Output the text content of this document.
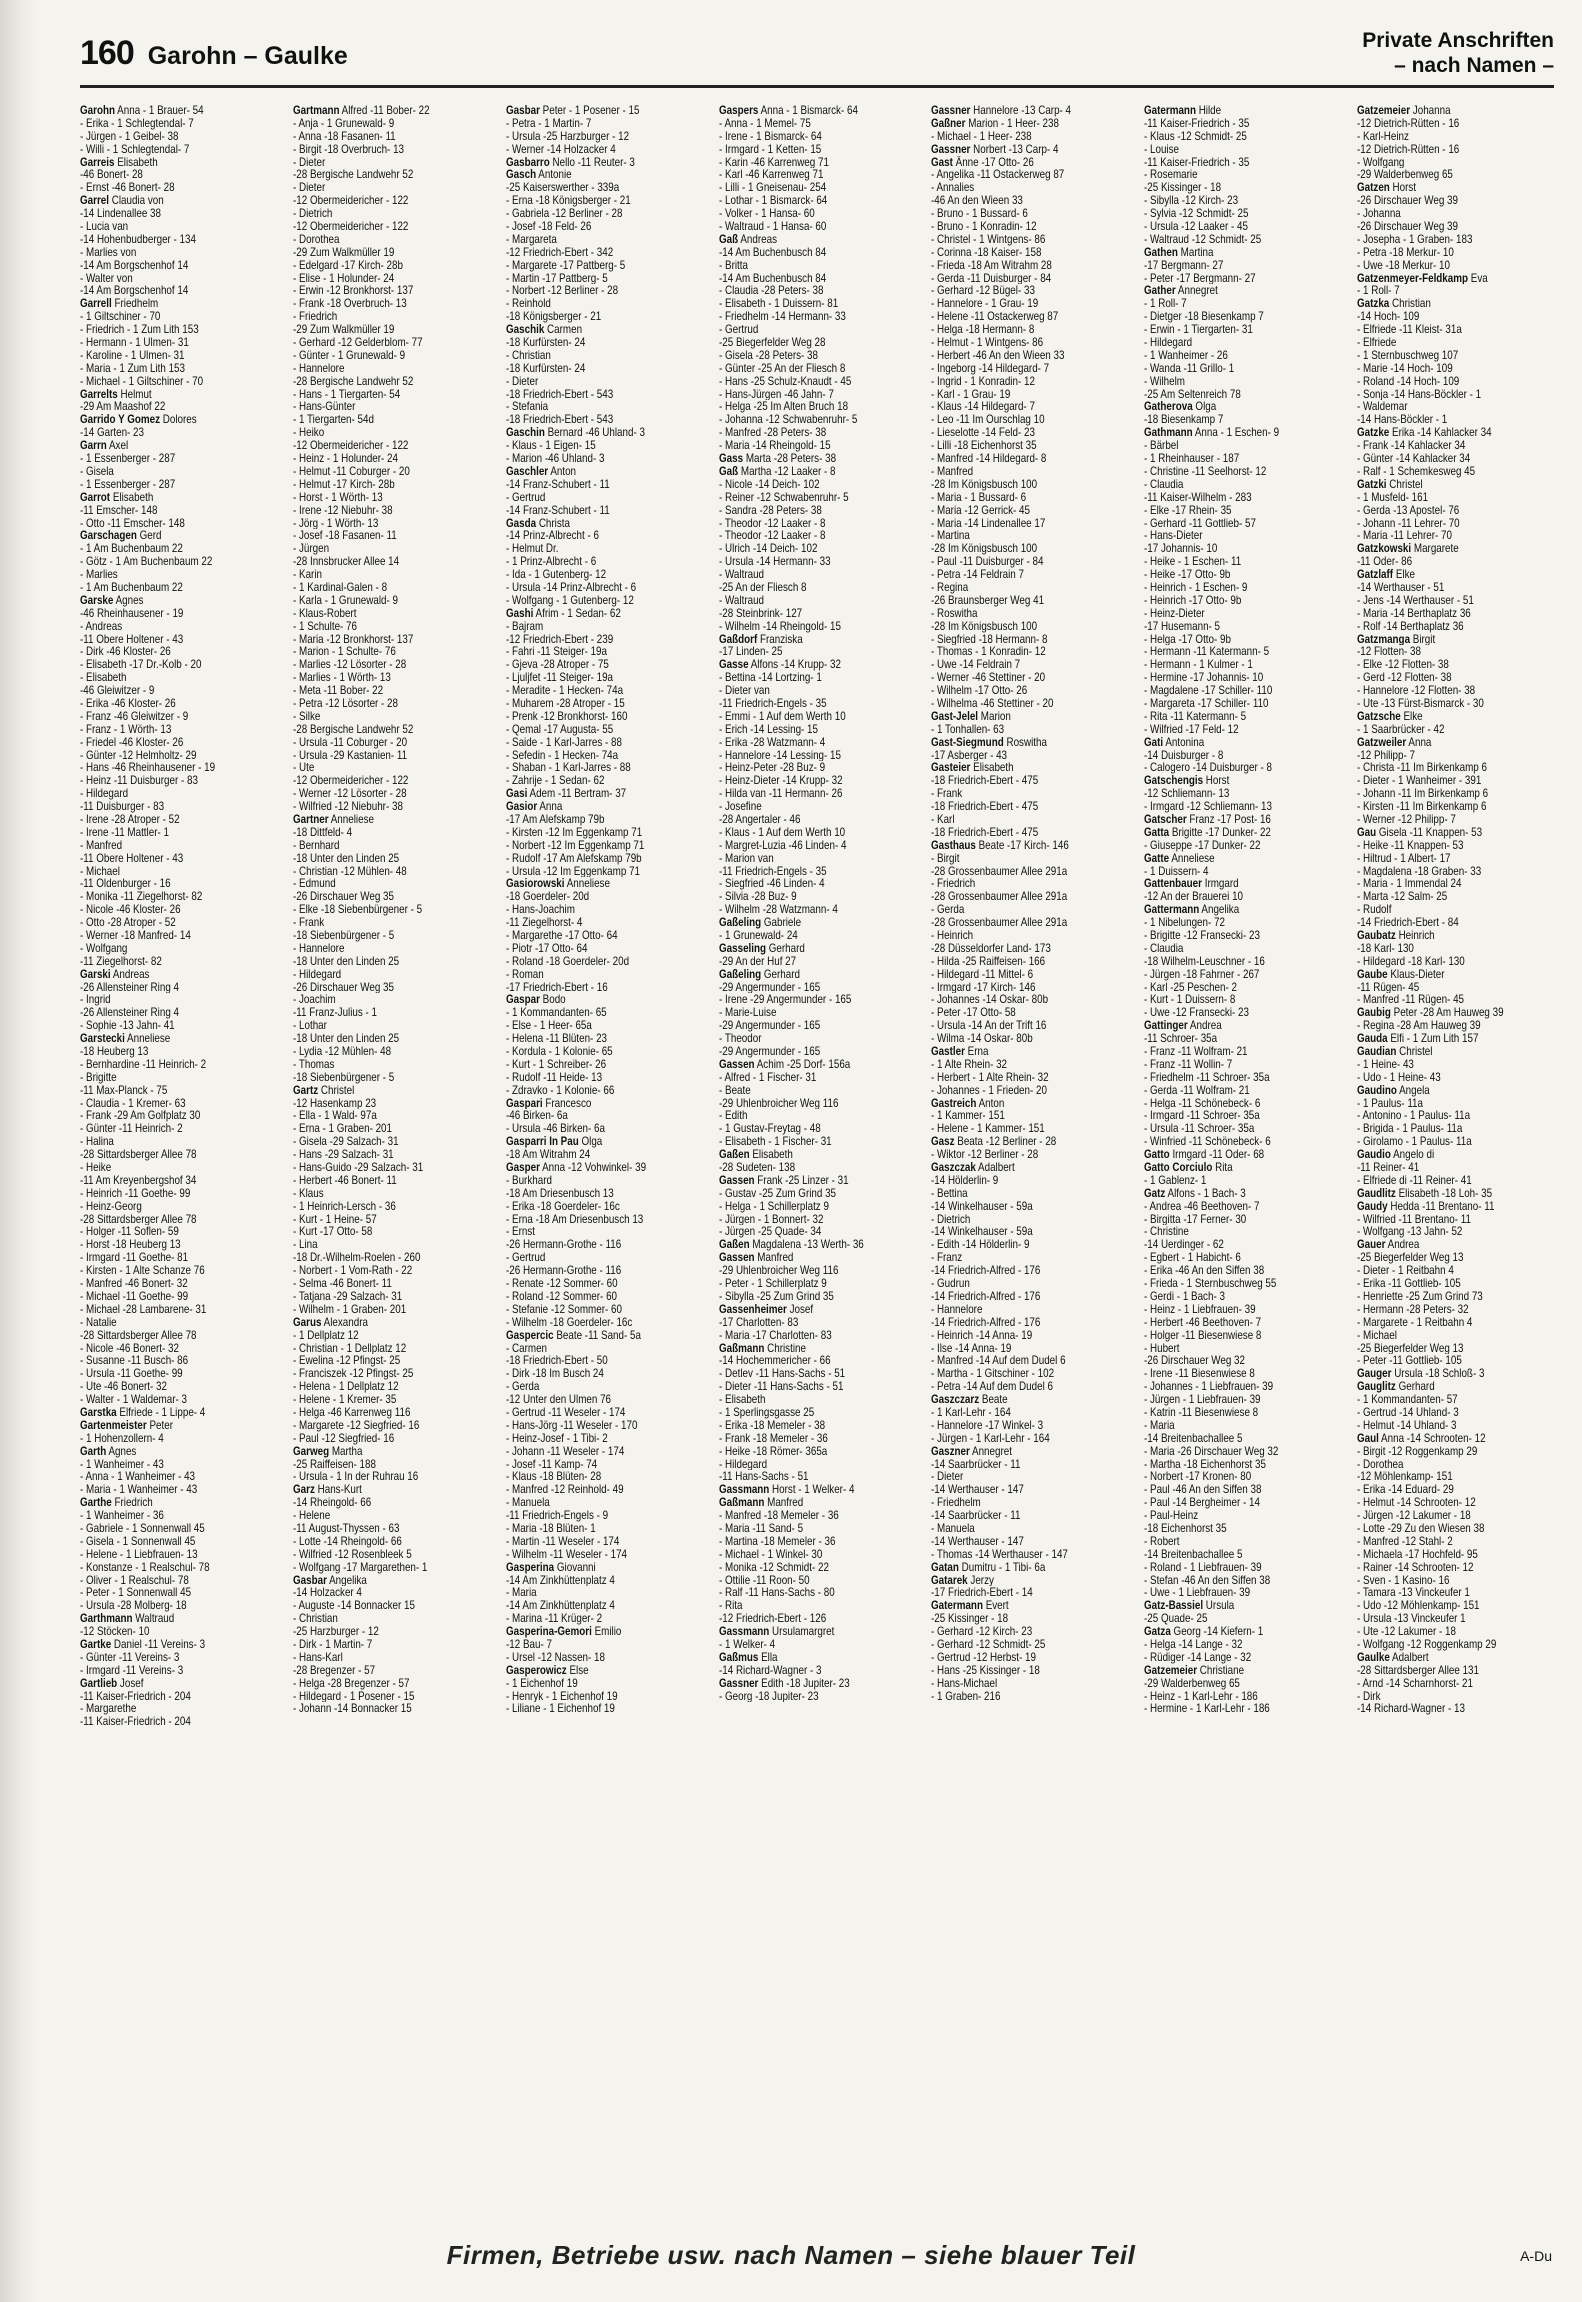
160 Garohn – Gaulke
Private Anschriften
– nach Namen –
Garohn Anna - 1 Brauer- 54
- Erika - 1 Schlegtendal- 7
- Jürgen - 1 Geibel- 38
- Willi - 1 Schlegtendal- 7
Garreis Elisabeth
-46 Bonert- 28
- Ernst -46 Bonert- 28
Garrel Claudia von
-14 Lindenallee 38
- Lucia van
-14 Hohenbudberger - 134
- Marlies von
-14 Am Borgschenhof 14
- Walter von
-14 Am Borgschenhof 14
Garrell Friedhelm
- 1 Giltschiner - 70
- Friedrich - 1 Zum Lith 153
- Hermann - 1 Ulmen- 31
- Karoline - 1 Ulmen- 31
- Maria - 1 Zum Lith 153
- Michael - 1 Giltschiner - 70
Garrelts Helmut
-29 Am Maashof 22
Garrido Y Gomez Dolores
-14 Garten- 23
Garrn Axel
- 1 Essenberger - 287
- Gisela
- 1 Essenberger - 287
Garrot Elisabeth
-11 Emscher- 148
- Otto -11 Emscher- 148
Garschagen Gerd
- 1 Am Buchenbaum 22
- Götz - 1 Am Buchenbaum 22
- Marlies
- 1 Am Buchenbaum 22
Garske Agnes
-46 Rheinhausener - 19
- Andreas
-11 Obere Holtener - 43
- Dirk -46 Kloster- 26
- Elisabeth -17 Dr.-Kolb - 20
- Elisabeth
-46 Gleiwitzer - 9
- Erika -46 Kloster- 26
- Franz -46 Gleiwitzer - 9
- Franz - 1 Wörth- 13
- Friedel -46 Kloster- 26
- Günter -12 Helmholtz- 29
- Hans -46 Rheinhausener - 19
- Heinz -11 Duisburger - 83
- Hildegard
-11 Duisburger - 83
- Irene -28 Atroper - 52
- Irene -11 Mattler- 1
- Manfred
-11 Obere Holtener - 43
- Michael
-11 Oldenburger - 16
- Monika -11 Ziegelhorst- 82
- Nicole -46 Kloster- 26
- Otto -28 Atroper - 52
- Werner -18 Manfred- 14
- Wolfgang
-11 Ziegelhorst- 82
Garski Andreas
-26 Allensteiner Ring 4
- Ingrid
-26 Allensteiner Ring 4
- Sophie -13 Jahn- 41
Garstecki Anneliese
-18 Heuberg 13
- Bernhardine -11 Heinrich- 2
- Brigitte
-11 Max-Planck - 75
- Claudia - 1 Kremer- 63
- Frank -29 Am Golfplatz 30
- Günter -11 Heinrich- 2
- Halina
-28 Sittardsberger Allee 78
- Heike
-11 Am Kreyenbergshof 34
- Heinrich -11 Goethe- 99
- Heinz-Georg
-28 Sittardsberger Allee 78
- Holger -11 Soflen- 59
- Horst -18 Heuberg 13
- Irmgard -11 Goethe- 81
- Kirsten - 1 Alte Schanze 76
- Manfred -46 Bonert- 32
- Michael -11 Goethe- 99
- Michael -28 Lambarene- 31
- Natalie
-28 Sittardsberger Allee 78
- Nicole -46 Bonert- 32
- Susanne -11 Busch- 86
- Ursula -11 Goethe- 99
- Ute -46 Bonert- 32
- Walter - 1 Waldemar- 3
Garstka Elfriede - 1 Lippe- 4
Gartenmeister Peter
- 1 Hohenzollern- 4
Garth Agnes
- 1 Wanheimer - 43
- Anna - 1 Wanheimer - 43
- Maria - 1 Wanheimer - 43
Garthe Friedrich
- 1 Wanheimer - 36
- Gabriele - 1 Sonnenwall 45
- Gisela - 1 Sonnenwall 45
- Helene - 1 Liebfrauen- 13
- Konstanze - 1 Realschul- 78
- Oliver - 1 Realschul- 78
- Peter - 1 Sonnenwall 45
- Ursula -28 Molberg- 18
Garthmann Waltraud
-12 Stöcken- 10
Gartke Daniel -11 Vereins- 3
- Günter -11 Vereins- 3
- Irmgard -11 Vereins- 3
Gartlieb Josef
-11 Kaiser-Friedrich - 204
- Margarethe
-11 Kaiser-Friedrich - 204
Gartmann Alfred -11 Bober- 22
- Anja - 1 Grunewald- 9
- Anna -18 Fasanen- 11
- Birgit -18 Overbruch- 13
- Dieter
-28 Bergische Landwehr 52
- Dieter
-12 Obermeidericher - 122
- Dietrich
-12 Obermeidericher - 122
- Dorothea
-29 Zum Walkmüller 19
- Edelgard -17 Kirch- 28b
- Elise - 1 Holunder- 24
- Erwin -12 Bronkhorst- 137
- Frank -18 Overbruch- 13
- Friedrich
-29 Zum Walkmüller 19
- Gerhard -12 Gelderblom- 77
- Günter - 1 Grunewald- 9
- Hannelore
-28 Bergische Landwehr 52
- Hans - 1 Tiergarten- 54
- Hans-Günter
- 1 Tiergarten- 54d
- Heiko
-12 Obermeidericher - 122
- Heinz - 1 Holunder- 24
- Helmut -11 Coburger - 20
- Helmut -17 Kirch- 28b
- Horst - 1 Wörth- 13
- Irene -12 Niebuhr- 38
- Jörg - 1 Wörth- 13
- Josef -18 Fasanen- 11
- Jürgen
-28 Innsbrucker Allee 14
- Karin
- 1 Kardinal-Galen - 8
- Karla - 1 Grunewald- 9
- Klaus-Robert
- 1 Schulte- 76
- Maria -12 Bronkhorst- 137
- Marion - 1 Schulte- 76
- Marlies -12 Lösorter - 28
- Marlies - 1 Wörth- 13
- Meta -11 Bober- 22
- Petra -12 Lösorter - 28
- Silke
-28 Bergische Landwehr 52
- Ursula -11 Coburger - 20
- Ursula -29 Kastanien- 11
- Ute
-12 Obermeidericher - 122
- Werner -12 Lösorter - 28
- Wilfried -12 Niebuhr- 38
Gartner Anneliese
-18 Dittfeld- 4
- Bernhard
-18 Unter den Linden 25
- Christian -12 Mühlen- 48
- Edmund
-26 Dirschauer Weg 35
- Elke -18 Siebenbürgener - 5
- Frank
-18 Siebenbürgener - 5
- Hannelore
-18 Unter den Linden 25
- Hildegard
-26 Dirschauer Weg 35
- Joachim
-11 Franz-Julius - 1
- Lothar
-18 Unter den Linden 25
- Lydia -12 Mühlen- 48
- Thomas
-18 Siebenbürgener - 5
Gartz Christel
-12 Hasenkamp 23
- Ella - 1 Wald- 97a
- Erna - 1 Graben- 201
- Gisela -29 Salzach- 31
- Hans -29 Salzach- 31
- Hans-Guido -29 Salzach- 31
- Herbert -46 Bonert- 11
- Klaus
- 1 Heinrich-Lersch - 36
- Kurt - 1 Heine- 57
- Kurt -17 Otto- 58
- Lina
-18 Dr.-Wilhelm-Roelen - 260
- Norbert - 1 Vom-Rath - 22
- Selma -46 Bonert- 11
- Tatjana -29 Salzach- 31
- Wilhelm - 1 Graben- 201
Garus Alexandra
- 1 Dellplatz 12
- Christian - 1 Dellplatz 12
- Ewelina -12 Pfingst- 25
- Franciszek -12 Pfingst- 25
- Helena - 1 Dellplatz 12
- Helene - 1 Kremer- 35
- Helga -46 Karrenweg 116
- Margarete -12 Siegfried- 16
- Paul -12 Siegfried- 16
Garweg Martha
-25 Raiffeisen- 188
- Ursula - 1 In der Ruhrau 16
Garz Hans-Kurt
-14 Rheingold- 66
- Helene
-11 August-Thyssen - 63
- Lotte -14 Rheingold- 66
- Wilfried -12 Rosenbleek 5
- Wolfgang -17 Margarethen- 1
Gasbar Angelika
-14 Holzacker 4
- Auguste -14 Bonnacker 15
- Christian
-25 Harzburger - 12
- Dirk - 1 Martin- 7
- Hans-Karl
-28 Bregenzer - 57
- Helga -28 Bregenzer - 57
- Hildegard - 1 Posener - 15
- Johann -14 Bonnacker 15
Gasbar Peter - 1 Posener - 15
- Petra - 1 Martin- 7
- Ursula -25 Harzburger - 12
- Werner -14 Holzacker 4
Gasbarro Nello -11 Reuter- 3
Gasch Antonie
-25 Kaiserswerther - 339a
- Erna -18 Königsberger - 21
- Gabriela -12 Berliner - 28
- Josef -18 Feld- 26
- Margareta
-12 Friedrich-Ebert - 342
- Margarete -17 Pattberg- 5
- Martin -17 Pattberg- 5
- Norbert -12 Berliner - 28
- Reinhold
-18 Königsberger - 21
Gaschik Carmen
-18 Kurfürsten- 24
- Christian
-18 Kurfürsten- 24
- Dieter
-18 Friedrich-Ebert - 543
- Stefania
-18 Friedrich-Ebert - 543
Gaschin Bernard -46 Uhland- 3
- Klaus - 1 Eigen- 15
- Marion -46 Uhland- 3
Gaschler Anton
-14 Franz-Schubert - 11
- Gertrud
-14 Franz-Schubert - 11
Gasda Christa
-14 Prinz-Albrecht - 6
- Helmut Dr.
- 1 Prinz-Albrecht - 6
- Ida - 1 Gutenberg- 12
- Ursula -14 Prinz-Albrecht - 6
- Wolfgang - 1 Gutenberg- 12
Gashi Afrim - 1 Sedan- 62
- Bajram
-12 Friedrich-Ebert - 239
- Fahri -11 Steiger- 19a
- Gjeva -28 Atroper - 75
- Ljuljfet -11 Steiger- 19a
- Meradite - 1 Hecken- 74a
- Muharem -28 Atroper - 15
- Prenk -12 Bronkhorst- 160
- Qemal -17 Augusta- 55
- Saide - 1 Karl-Jarres - 88
- Sefedin - 1 Hecken- 74a
- Shaban - 1 Karl-Jarres - 88
- Zahrije - 1 Sedan- 62
Gasi Adem -11 Bertram- 37
Gasior Anna
-17 Am Alefskamp 79b
- Kirsten -12 Im Eggenkamp 71
- Norbert -12 Im Eggenkamp 71
- Rudolf -17 Am Alefskamp 79b
- Ursula -12 Im Eggenkamp 71
Gasiorowski Anneliese
-18 Goerdeler- 20d
- Hans-Joachim
-11 Ziegelhorst- 4
- Margarethe -17 Otto- 64
- Piotr -17 Otto- 64
- Roland -18 Goerdeler- 20d
- Roman
-17 Friedrich-Ebert - 16
Gaspar Bodo
- 1 Kommandanten- 65
- Else - 1 Heer- 65a
- Helena -11 Blüten- 23
- Kordula - 1 Kolonie- 65
- Kurt - 1 Schreiber- 26
- Rudolf -11 Heide- 13
- Zdravko - 1 Kolonie- 66
Gaspari Francesco
-46 Birken- 6a
- Ursula -46 Birken- 6a
Gasparri In Pau Olga
-18 Am Witrahm 24
Gasper Anna -12 Vohwinkel- 39
- Burkhard
-18 Am Driesenbusch 13
- Erika -18 Goerdeler- 16c
- Erna -18 Am Driesenbusch 13
- Ernst
-26 Hermann-Grothe - 116
- Gertrud
-26 Hermann-Grothe - 116
- Renate -12 Sommer- 60
- Roland -12 Sommer- 60
- Stefanie -12 Sommer- 60
- Wilhelm -18 Goerdeler- 16c
Gaspercic Beate -11 Sand- 5a
- Carmen
-18 Friedrich-Ebert - 50
- Dirk -18 Im Busch 24
- Gerda
-12 Unter den Ulmen 76
- Gertrud -11 Weseler - 174
- Hans-Jörg -11 Weseler - 170
- Heinz-Josef - 1 Tibi- 2
- Johann -11 Weseler - 174
- Josef -11 Kamp- 74
- Klaus -18 Blüten- 28
- Manfred -12 Reinhold- 49
- Manuela
-11 Friedrich-Engels - 9
- Maria -18 Blüten- 1
- Martin -11 Weseler - 174
- Wilhelm -11 Weseler - 174
Gasperina Giovanni
-14 Am Zinkhüttenplatz 4
- Maria
-14 Am Zinkhüttenplatz 4
- Marina -11 Krüger- 2
Gasperina-Gemori Emilio
-12 Bau- 7
- Ursel -12 Nassen- 18
Gasperowicz Else
- 1 Eichenhof 19
- Henryk - 1 Eichenhof 19
- Liliane - 1 Eichenhof 19
Gaspers Anna - 1 Bismarck- 64
- Anna - 1 Memel- 75
- Irene - 1 Bismarck- 64
- Irmgard - 1 Ketten- 15
- Karin -46 Karrenweg 71
- Karl -46 Karrenweg 71
- Lilli - 1 Gneisenau- 254
- Lothar - 1 Bismarck- 64
- Volker - 1 Hansa- 60
- Waltraud - 1 Hansa- 60
Gaß Andreas
-14 Am Buchenbusch 84
- Britta
-14 Am Buchenbusch 84
- Claudia -28 Peters- 38
- Elisabeth - 1 Duissern- 81
- Friedhelm -14 Hermann- 33
- Gertrud
-25 Biegerfelder Weg 28
- Gisela -28 Peters- 38
- Günter -25 An der Fliesch 8
- Hans -25 Schulz-Knaudt - 45
- Hans-Jürgen -46 Jahn- 7
- Helga -25 Im Alten Bruch 18
- Johanna -12 Schwabenruhr- 5
- Manfred -28 Peters- 38
- Maria -14 Rheingold- 15
Gass Marta -28 Peters- 38
Gaß Martha -12 Laaker - 8
- Nicole -14 Deich- 102
- Reiner -12 Schwabenruhr- 5
- Sandra -28 Peters- 38
- Theodor -12 Laaker - 8
- Theodor -12 Laaker - 8
- Ulrich -14 Deich- 102
- Ursula -14 Hermann- 33
- Waltraud
-25 An der Fliesch 8
- Waltraud
-28 Steinbrink- 127
- Wilhelm -14 Rheingold- 15
Gaßdorf Franziska
-17 Linden- 25
Gasse Alfons -14 Krupp- 32
- Bettina -14 Lortzing- 1
- Dieter van
-11 Friedrich-Engels - 35
- Emmi - 1 Auf dem Werth 10
- Erich -14 Lessing- 15
- Erika -28 Watzmann- 4
- Hannelore -14 Lessing- 15
- Heinz-Peter -28 Buz- 9
- Heinz-Dieter -14 Krupp- 32
- Hilda van -11 Hermann- 26
- Josefine
-28 Angertaler - 46
- Klaus - 1 Auf dem Werth 10
- Margret-Luzia -46 Linden- 4
- Marion van
-11 Friedrich-Engels - 35
- Siegfried -46 Linden- 4
- Silvia -28 Buz- 9
- Wilhelm -28 Watzmann- 4
Gaßeling Gabriele
- 1 Grunewald- 24
Gasseling Gerhard
-29 An der Huf 27
Gaßeling Gerhard
-29 Angermunder - 165
- Irene -29 Angermunder - 165
- Marie-Luise
-29 Angermunder - 165
- Theodor
-29 Angermunder - 165
Gassen Achim -25 Dorf- 156a
- Alfred - 1 Fischer- 31
- Beate
-29 Uhlenbroicher Weg 116
- Edith
- 1 Gustav-Freytag - 48
- Elisabeth - 1 Fischer- 31
Gaßen Elisabeth
-28 Sudeten- 138
Gassen Frank -25 Linzer - 31
- Gustav -25 Zum Grind 35
- Helga - 1 Schillerplatz 9
- Jürgen - 1 Bonnert- 32
- Jürgen -25 Quade- 34
Gaßen Magdalena -13 Werth- 36
Gassen Manfred
-29 Uhlenbroicher Weg 116
- Peter - 1 Schillerplatz 9
- Sibylla -25 Zum Grind 35
Gassenheimer Josef
-17 Charlotten- 83
- Maria -17 Charlotten- 83
Gaßmann Christine
-14 Hochemmericher - 66
- Detlev -11 Hans-Sachs - 51
- Dieter -11 Hans-Sachs - 51
- Elisabeth
- 1 Sperlingsgasse 25
- Erika -18 Memeler - 38
- Frank -18 Memeler - 36
- Heike -18 Römer- 365a
- Hildegard
-11 Hans-Sachs - 51
Gassmann Horst - 1 Welker- 4
Gaßmann Manfred
- Manfred -18 Memeler - 36
- Maria -11 Sand- 5
- Martina -18 Memeler - 36
- Michael - 1 Winkel- 30
- Monika -12 Schmidt- 22
- Ottilie -11 Roon- 50
- Ralf -11 Hans-Sachs - 80
- Rita
-12 Friedrich-Ebert - 126
Gassmann Ursulamargret
- 1 Welker- 4
Gaßmus Ella
-14 Richard-Wagner - 3
Gassner Edith -18 Jupiter- 23
- Georg -18 Jupiter- 23
Gassner Hannelore -13 Carp- 4
Gaßner Marion - 1 Heer- 238
- Michael - 1 Heer- 238
Gassner Norbert -13 Carp- 4
Gast Änne -17 Otto- 26
- Angelika -11 Ostackerweg 87
- Annalies
-46 An den Wieen 33
- Bruno - 1 Bussard- 6
- Bruno - 1 Konradin- 12
- Christel - 1 Wintgens- 86
- Corinna -18 Kaiser- 158
- Frieda -18 Am Witrahm 28
- Gerda -11 Duisburger - 84
- Gerhard -12 Bügel- 33
- Hannelore - 1 Grau- 19
- Helene -11 Ostackerweg 87
- Helga -18 Hermann- 8
- Helmut - 1 Wintgens- 86
- Herbert -46 An den Wieen 33
- Ingeborg -14 Hildegard- 7
- Ingrid - 1 Konradin- 12
- Karl - 1 Grau- 19
- Klaus -14 Hildegard- 7
- Leo -11 Im Ourschlag 10
- Lieselotte -14 Feld- 23
- Lilli -18 Eichenhorst 35
- Manfred -14 Hildegard- 8
- Manfred
-28 Im Königsbusch 100
- Maria - 1 Bussard- 6
- Maria -12 Gerrick- 45
- Maria -14 Lindenallee 17
- Martina
-28 Im Königsbusch 100
- Paul -11 Duisburger - 84
- Petra -14 Feldrain 7
- Regina
-26 Braunsberger Weg 41
- Roswitha
-28 Im Königsbusch 100
- Siegfried -18 Hermann- 8
- Thomas - 1 Konradin- 12
- Uwe -14 Feldrain 7
- Werner -46 Stettiner - 20
- Wilhelm -17 Otto- 26
- Wilhelma -46 Stettiner - 20
Gast-Jelel Marion
- 1 Tonhallen- 63
Gast-Siegmund Roswitha
-17 Asberger - 43
Gasteier Elisabeth
-18 Friedrich-Ebert - 475
- Frank
-18 Friedrich-Ebert - 475
- Karl
-18 Friedrich-Ebert - 475
Gasthaus Beate -17 Kirch- 146
- Birgit
-28 Grossenbaumer Allee 291a
- Friedrich
-28 Grossenbaumer Allee 291a
- Gerda
-28 Grossenbaumer Allee 291a
- Heinrich
-28 Düsseldorfer Land- 173
- Hilda -25 Raiffeisen- 166
- Hildegard -11 Mittel- 6
- Irmgard -17 Kirch- 146
- Johannes -14 Oskar- 80b
- Peter -17 Otto- 58
- Ursula -14 An der Trift 16
- Wilma -14 Oskar- 80b
Gastler Erna
- 1 Alte Rhein- 32
- Herbert - 1 Alte Rhein- 32
- Johannes - 1 Frieden- 20
Gastreich Anton
- 1 Kammer- 151
- Helene - 1 Kammer- 151
Gasz Beata -12 Berliner - 28
- Wiktor -12 Berliner - 28
Gaszczak Adalbert
-14 Hölderlin- 9
- Bettina
-14 Winkelhauser - 59a
- Dietrich
-14 Winkelhauser - 59a
- Edith -14 Hölderlin- 9
- Franz
-14 Friedrich-Alfred - 176
- Gudrun
-14 Friedrich-Alfred - 176
- Hannelore
-14 Friedrich-Alfred - 176
- Heinrich -14 Anna- 19
- Ilse -14 Anna- 19
- Manfred -14 Auf dem Dudel 6
- Martha - 1 Gitschiner - 102
- Petra -14 Auf dem Dudel 6
Gaszczarz Beate
- 1 Karl-Lehr - 164
- Hannelore -17 Winkel- 3
- Jürgen - 1 Karl-Lehr - 164
Gaszner Annegret
-14 Saarbrücker - 11
- Dieter
-14 Werthauser - 147
- Friedhelm
-14 Saarbrücker - 11
- Manuela
-14 Werthauser - 147
- Thomas -14 Werthauser - 147
Gatan Dumitru - 1 Tibi- 6a
Gatarek Jerzy
-17 Friedrich-Ebert - 14
Gatermann Evert
-25 Kissinger - 18
- Gerhard -12 Kirch- 23
- Gerhard -12 Schmidt- 25
- Gertrud -12 Herbst- 19
- Hans -25 Kissinger - 18
- Hans-Michael
- 1 Graben- 216
Gatermann Hilde
-11 Kaiser-Friedrich - 35
- Klaus -12 Schmidt- 25
- Louise
-11 Kaiser-Friedrich - 35
- Rosemarie
-25 Kissinger - 18
- Sibylla -12 Kirch- 23
- Sylvia -12 Schmidt- 25
- Ursula -12 Laaker - 45
- Waltraud -12 Schmidt- 25
Gathen Martina
-17 Bergmann- 27
- Peter -17 Bergmann- 27
Gather Annegret
- 1 Roll- 7
- Dietger -18 Biesenkamp 7
- Erwin - 1 Tiergarten- 31
- Hildegard
- 1 Wanheimer - 26
- Wanda -11 Grillo- 1
- Wilhelm
-25 Am Seltenreich 78
Gatherova Olga
-18 Biesenkamp 7
Gathmann Anna - 1 Eschen- 9
- Bärbel
- 1 Rheinhauser - 187
- Christine -11 Seelhorst- 12
- Claudia
-11 Kaiser-Wilhelm - 283
- Elke -17 Rhein- 35
- Gerhard -11 Gottlieb- 57
- Hans-Dieter
-17 Johannis- 10
- Heike - 1 Eschen- 11
- Heike -17 Otto- 9b
- Heinrich - 1 Eschen- 9
- Heinrich -17 Otto- 9b
- Heinz-Dieter
-17 Husemann- 5
- Helga -17 Otto- 9b
- Hermann -11 Katermann- 5
- Hermann - 1 Kulmer - 1
- Hermine -17 Johannis- 10
- Magdalene -17 Schiller- 110
- Margareta -17 Schiller- 110
- Rita -11 Katermann- 5
- Wilfried -17 Feld- 12
Gati Antonina
-14 Duisburger - 8
- Calogero -14 Duisburger - 8
Gatschengis Horst
-12 Schliemann- 13
- Irmgard -12 Schliemann- 13
Gatscher Franz -17 Post- 16
Gatta Brigitte -17 Dunker- 22
- Giuseppe -17 Dunker- 22
Gatte Anneliese
- 1 Duissern- 4
Gattenbauer Irmgard
-12 An der Brauerei 10
Gattermann Angelika
- 1 Nibelungen- 72
- Brigitte -12 Fransecki- 23
- Claudia
-18 Wilhelm-Leuschner - 16
- Jürgen -18 Fahrner - 267
- Karl -25 Peschen- 2
- Kurt - 1 Duissern- 8
- Uwe -12 Fransecki- 23
Gattinger Andrea
-11 Schroer- 35a
- Franz -11 Wolfram- 21
- Franz -11 Wollin- 7
- Friedhelm -11 Schroer- 35a
- Gerda -11 Wolfram- 21
- Helga -11 Schönebeck- 6
- Irmgard -11 Schroer- 35a
- Ursula -11 Schroer- 35a
- Winfried -11 Schönebeck- 6
Gatto Irmgard -11 Oder- 68
Gatto Corciulo Rita
- 1 Gablenz- 1
Gatz Alfons - 1 Bach- 3
- Andrea -46 Beethoven- 7
- Birgitta -17 Ferner- 30
- Christine
-14 Uerdinger - 62
- Egbert - 1 Habicht- 6
- Erika -46 An den Siffen 38
- Frieda - 1 Sternbuschweg 55
- Gerdi - 1 Bach- 3
- Heinz - 1 Liebfrauen- 39
- Herbert -46 Beethoven- 7
- Holger -11 Biesenwiese 8
- Hubert
-26 Dirschauer Weg 32
- Irene -11 Biesenwiese 8
- Johannes - 1 Liebfrauen- 39
- Jürgen - 1 Liebfrauen- 39
- Katrin -11 Biesenwiese 8
- Maria
-14 Breitenbachallee 5
- Maria -26 Dirschauer Weg 32
- Martha -18 Eichenhorst 35
- Norbert -17 Kronen- 80
- Paul -46 An den Siffen 38
- Paul -14 Bergheimer - 14
- Paul-Heinz
-18 Eichenhorst 35
- Robert
-14 Breitenbachallee 5
- Roland - 1 Liebfrauen- 39
- Stefan -46 An den Siffen 38
- Uwe - 1 Liebfrauen- 39
Gatz-Bassiel Ursula
-25 Quade- 25
Gatza Georg -14 Kiefern- 1
- Helga -14 Lange - 32
- Rüdiger -14 Lange - 32
Gatzemeier Christiane
-29 Walderbenweg 65
- Heinz - 1 Karl-Lehr - 186
- Hermine - 1 Karl-Lehr - 186
Gatzemeier Johanna
-12 Dietrich-Rütten - 16
- Karl-Heinz
-12 Dietrich-Rütten - 16
- Wolfgang
-29 Walderbenweg 65
Gatzen Horst
-26 Dirschauer Weg 39
- Johanna
-26 Dirschauer Weg 39
- Josepha - 1 Graben- 183
- Petra -18 Merkur- 10
- Uwe -18 Merkur- 10
Gatzenmeyer-Feldkamp Eva
- 1 Roll- 7
Gatzka Christian
-14 Hoch- 109
- Elfriede -11 Kleist- 31a
- Elfriede
- 1 Sternbuschweg 107
- Marie -14 Hoch- 109
- Roland -14 Hoch- 109
- Sonja -14 Hans-Böckler - 1
- Waldemar
-14 Hans-Böckler - 1
Gatzke Erika -14 Kahlacker 34
- Frank -14 Kahlacker 34
- Günter -14 Kahlacker 34
- Ralf - 1 Schemkesweg 45
Gatzki Christel
- 1 Musfeld- 161
- Gerda -13 Apostel- 76
- Johann -11 Lehrer- 70
- Maria -11 Lehrer- 70
Gatzkowski Margarete
-11 Oder- 86
Gatzlaff Elke
-14 Werthauser - 51
- Jens -14 Werthauser - 51
- Maria -14 Berthaplatz 36
- Rolf -14 Berthaplatz 36
Gatzmanga Birgit
-12 Flotten- 38
- Elke -12 Flotten- 38
- Gerd -12 Flotten- 38
- Hannelore -12 Flotten- 38
- Ute -13 Fürst-Bismarck - 30
Gatzsche Elke
- 1 Saarbrücker - 42
Gatzweiler Anna
-12 Philipp- 7
- Christa -11 Im Birkenkamp 6
- Dieter - 1 Wanheimer - 391
- Johann -11 Im Birkenkamp 6
- Kirsten -11 Im Birkenkamp 6
- Werner -12 Philipp- 7
Gau Gisela -11 Knappen- 53
- Heike -11 Knappen- 53
- Hiltrud - 1 Albert- 17
- Magdalena -18 Graben- 33
- Maria - 1 Immendal 24
- Marta -12 Salm- 25
- Rudolf
-14 Friedrich-Ebert - 84
Gaubatz Heinrich
-18 Karl- 130
- Hildegard -18 Karl- 130
Gaube Klaus-Dieter
-11 Rügen- 45
- Manfred -11 Rügen- 45
Gaubig Peter -28 Am Hauweg 39
- Regina -28 Am Hauweg 39
Gauda Elfi - 1 Zum Lith 157
Gaudian Christel
- 1 Heine- 43
- Udo - 1 Heine- 43
Gaudino Angela
- 1 Paulus- 11a
- Antonino - 1 Paulus- 11a
- Brigida - 1 Paulus- 11a
- Girolamo - 1 Paulus- 11a
Gaudio Angelo di
-11 Reiner- 41
- Elfriede di -11 Reiner- 41
Gaudlitz Elisabeth -18 Loh- 35
Gaudy Hedda -11 Brentano- 11
- Wilfried -11 Brentano- 11
- Wolfgang -13 Jahn- 52
Gauer Andrea
-25 Biegerfelder Weg 13
- Dieter - 1 Reitbahn 4
- Erika -11 Gottlieb- 105
- Henriette -25 Zum Grind 73
- Hermann -28 Peters- 32
- Margarete - 1 Reitbahn 4
- Michael
-25 Biegerfelder Weg 13
- Peter -11 Gottlieb- 105
Gauger Ursula -18 Schloß- 3
Gauglitz Gerhard
- 1 Kommandanten- 57
- Gertrud -14 Uhland- 3
- Helmut -14 Uhland- 3
Gaul Anna -14 Schrooten- 12
- Birgit -12 Roggenkamp 29
- Dorothea
-12 Möhlenkamp- 151
- Erika -14 Eduard- 29
- Helmut -14 Schrooten- 12
- Jürgen -12 Lakumer - 18
- Lotte -29 Zu den Wiesen 38
- Manfred -12 Stahl- 2
- Michaela -17 Hochfeld- 95
- Rainer -14 Schrooten- 12
- Sven - 1 Kasino- 16
- Tamara -13 Vinckeufer 1
- Udo -12 Möhlenkamp- 151
- Ursula -13 Vinckeufer 1
- Ute -12 Lakumer - 18
- Wolfgang -12 Roggenkamp 29
Gaulke Adalbert
-28 Sittardsberger Allee 131
- Arnd -14 Scharnhorst- 21
- Dirk
-14 Richard-Wagner - 13
Firmen, Betriebe usw. nach Namen – siehe blauer Teil	A-Du
